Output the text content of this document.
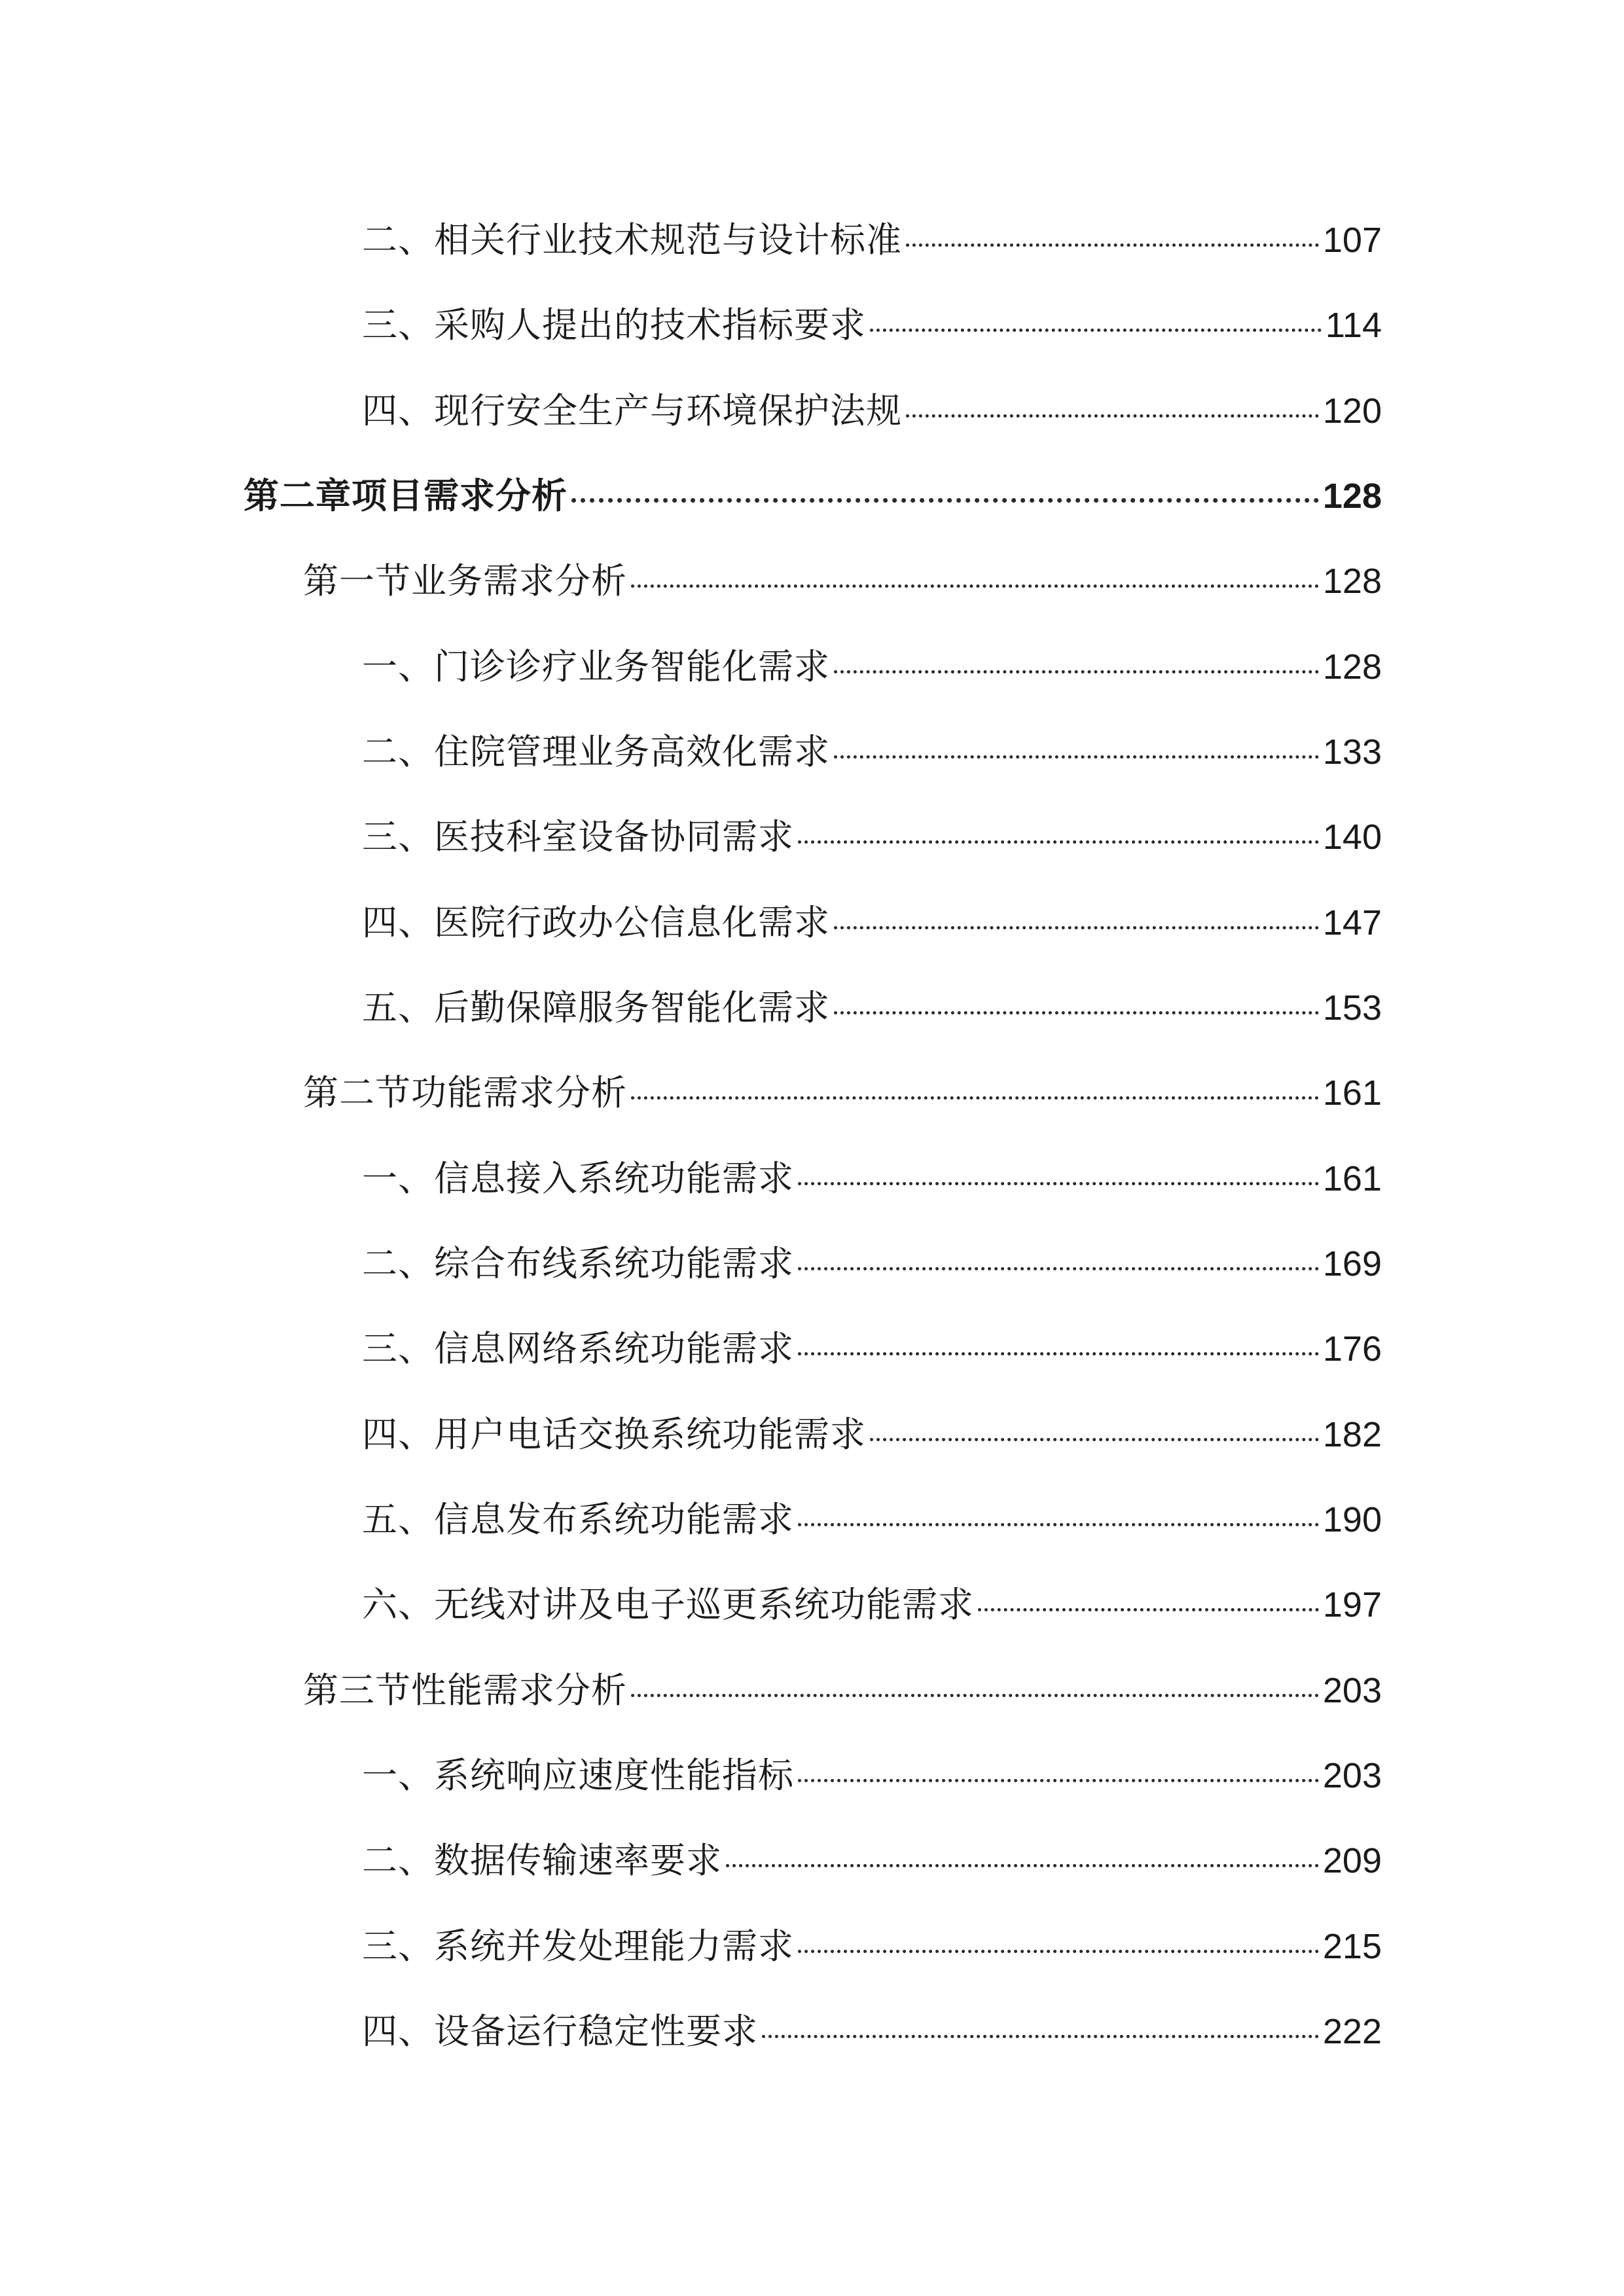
二、相关行业技术规范与设计标准	107
三、采购人提出的技术指标要求	114
四、现行安全生产与环境保护法规	120
第二章项目需求分析	128
第一节业务需求分析	128
一、门诊诊疗业务智能化需求	128
二、住院管理业务高效化需求	133
三、医技科室设备协同需求	140
四、医院行政办公信息化需求	147
五、后勤保障服务智能化需求	153
第二节功能需求分析	161
一、信息接入系统功能需求	161
二、综合布线系统功能需求	169
三、信息网络系统功能需求	176
四、用户电话交换系统功能需求	182
五、信息发布系统功能需求	190
六、无线对讲及电子巡更系统功能需求	197
第三节性能需求分析	203
一、系统响应速度性能指标	203
二、数据传输速率要求	209
三、系统并发处理能力需求	215
四、设备运行稳定性要求	222
